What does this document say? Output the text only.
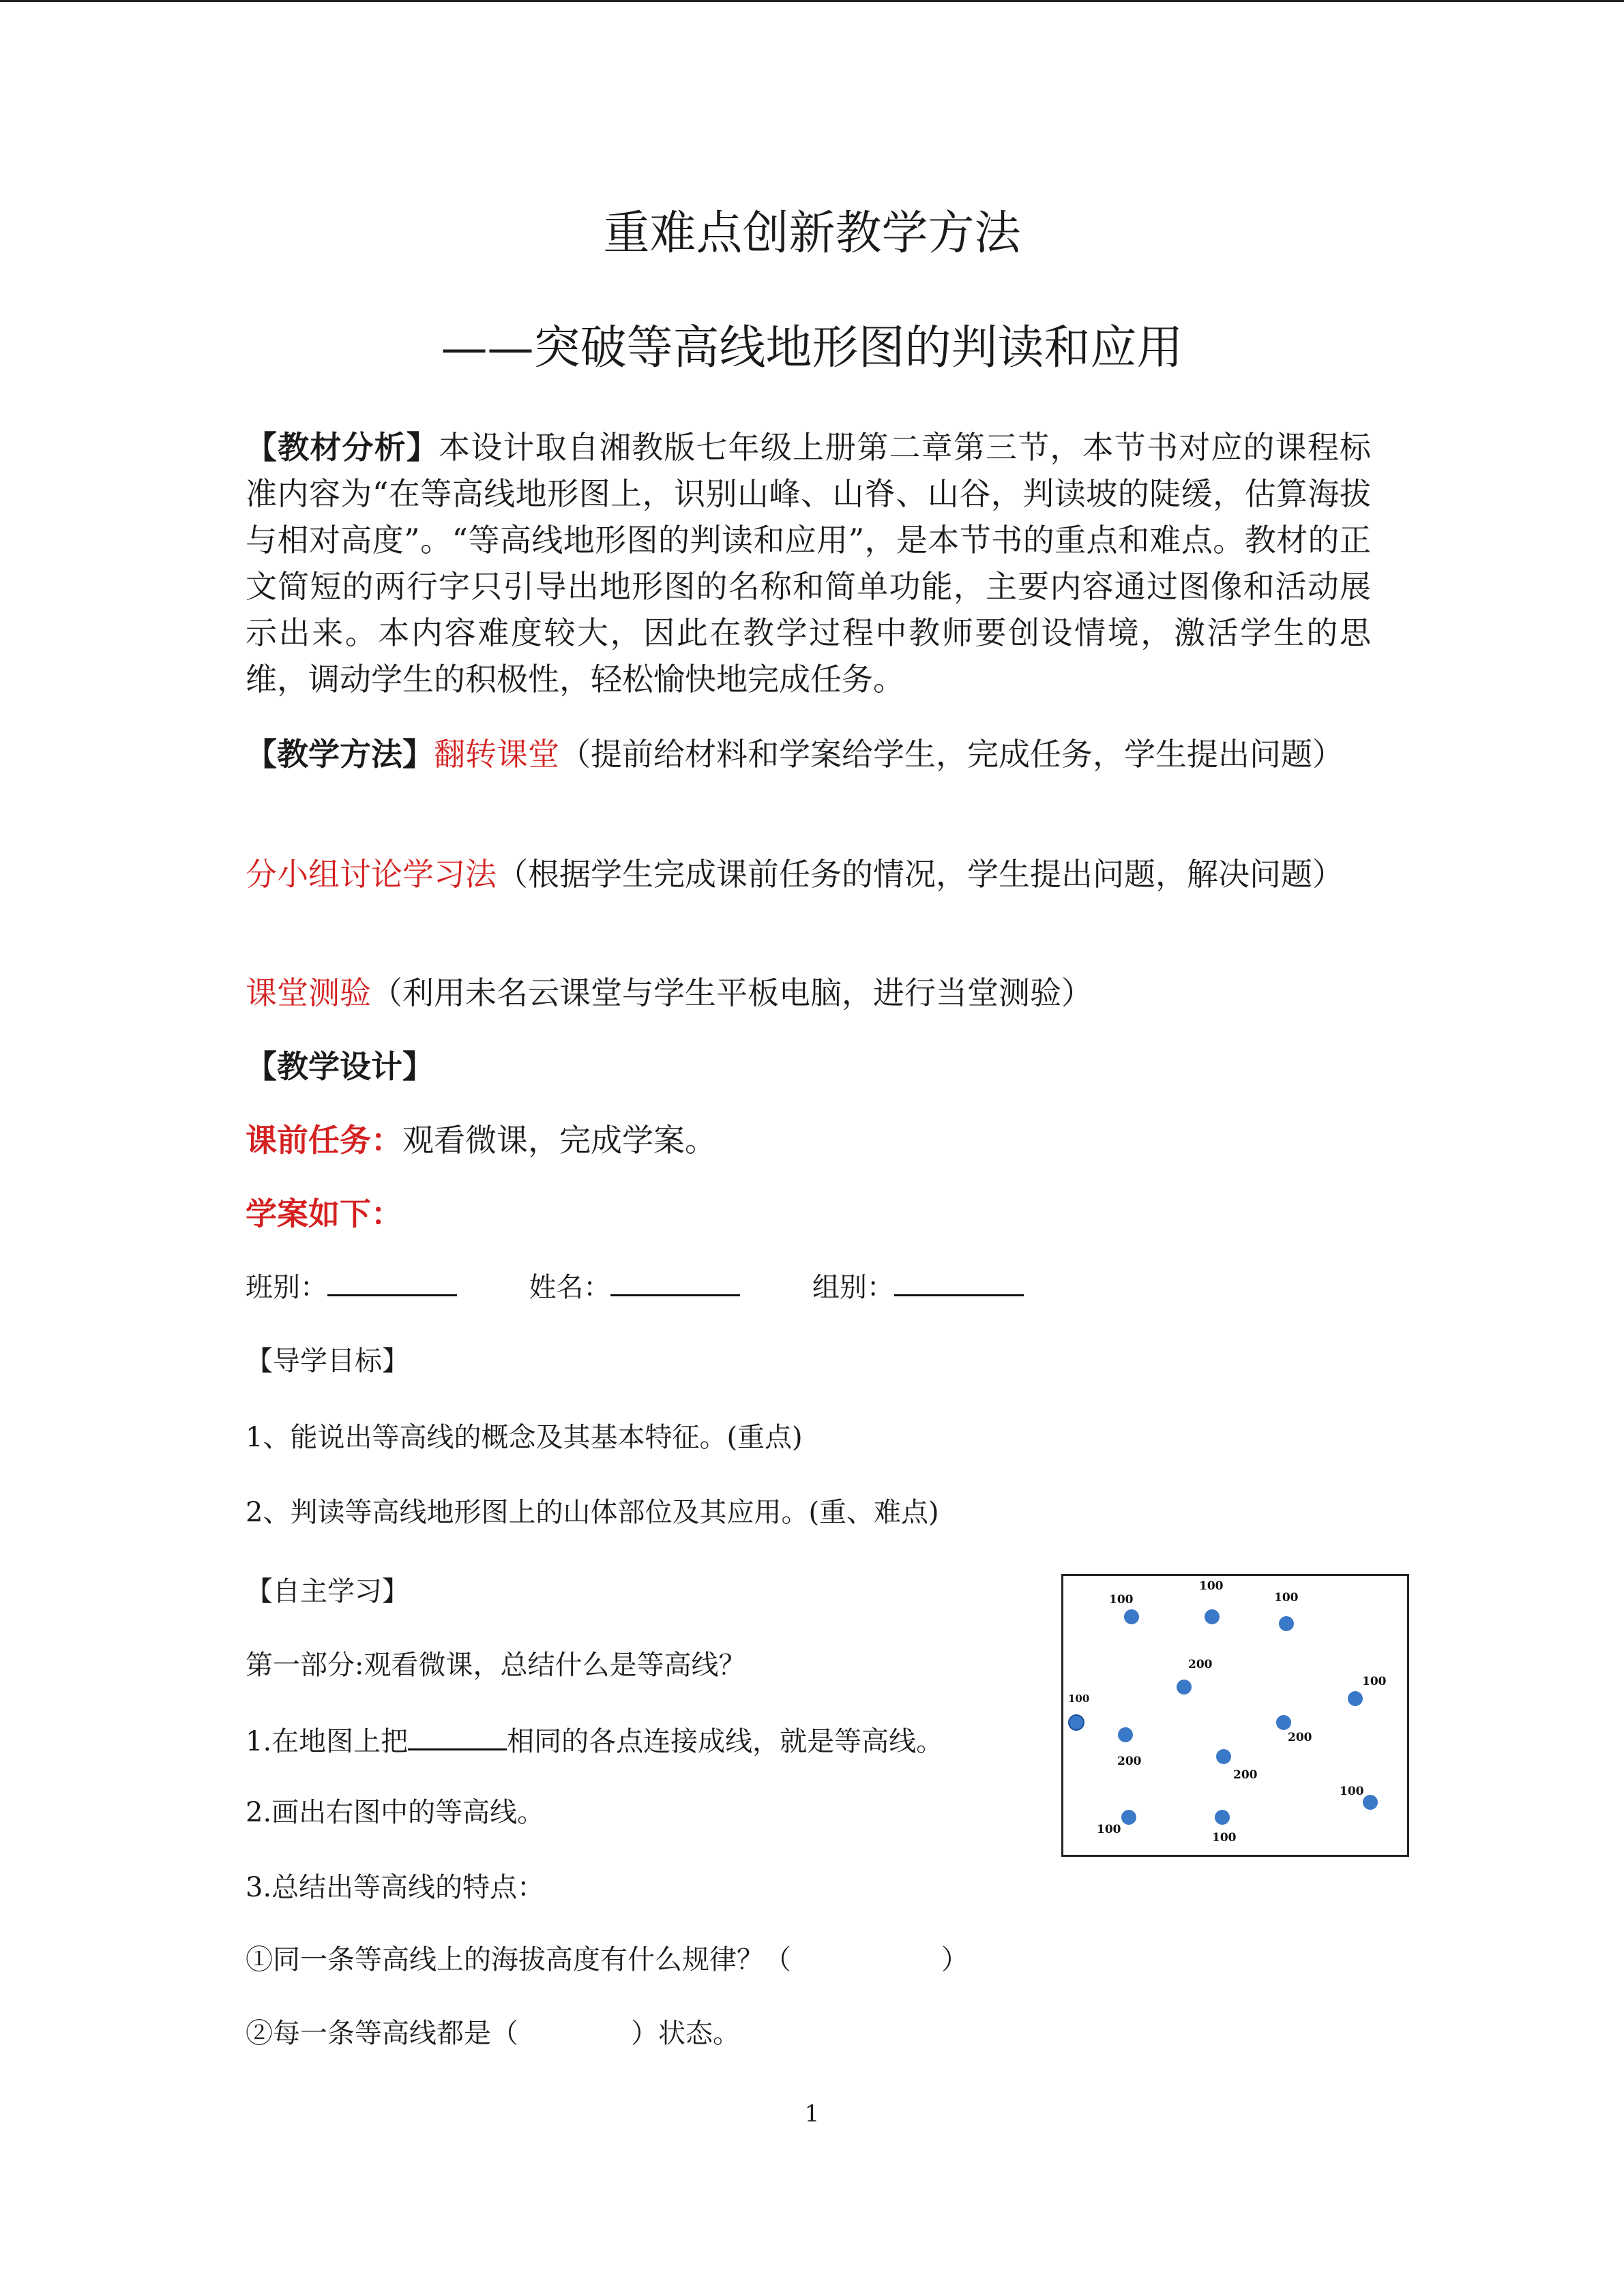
重难点创新教学方法
——突破等高线地形图的判读和应用
【教材分析】本设计取自湘教版七年级上册第二章第三节，本节书对应的课程标准内容为“在等高线地形图上，识别山峰、山脊、山谷，判读坡的陡缓，估算海拔与相对高度”。“等高线地形图的判读和应用”，是本节书的重点和难点。教材的正文简短的两行字只引导出地形图的名称和简单功能，主要内容通过图像和活动展示出来。本内容难度较大，因此在教学过程中教师要创设情境，激活学生的思维，调动学生的积极性，轻松愉快地完成任务。
【教学方法】翻转课堂（提前给材料和学案给学生，完成任务，学生提出问题）
分小组讨论学习法（根据学生完成课前任务的情况，学生提出问题，解决问题）
课堂测验（利用未名云课堂与学生平板电脑，进行当堂测验）
【教学设计】
课前任务：观看微课，完成学案。
学案如下：
班别：	姓名：	组别：
【导学目标】
1、能说出等高线的概念及其基本特征。(重点)
2、判读等高线地形图上的山体部位及其应用。(重、难点)
【自主学习】
第一部分:观看微课，总结什么是等高线？
1.在地图上把	相同的各点连接成线，就是等高线。
2.画出右图中的等高线。
3.总结出等高线的特点：
①同一条等高线上的海拔高度有什么规律？（	）
②每一条等高线都是（	）状态。
100
100
100
200
100
100
200
200
200
100
100
100
1
